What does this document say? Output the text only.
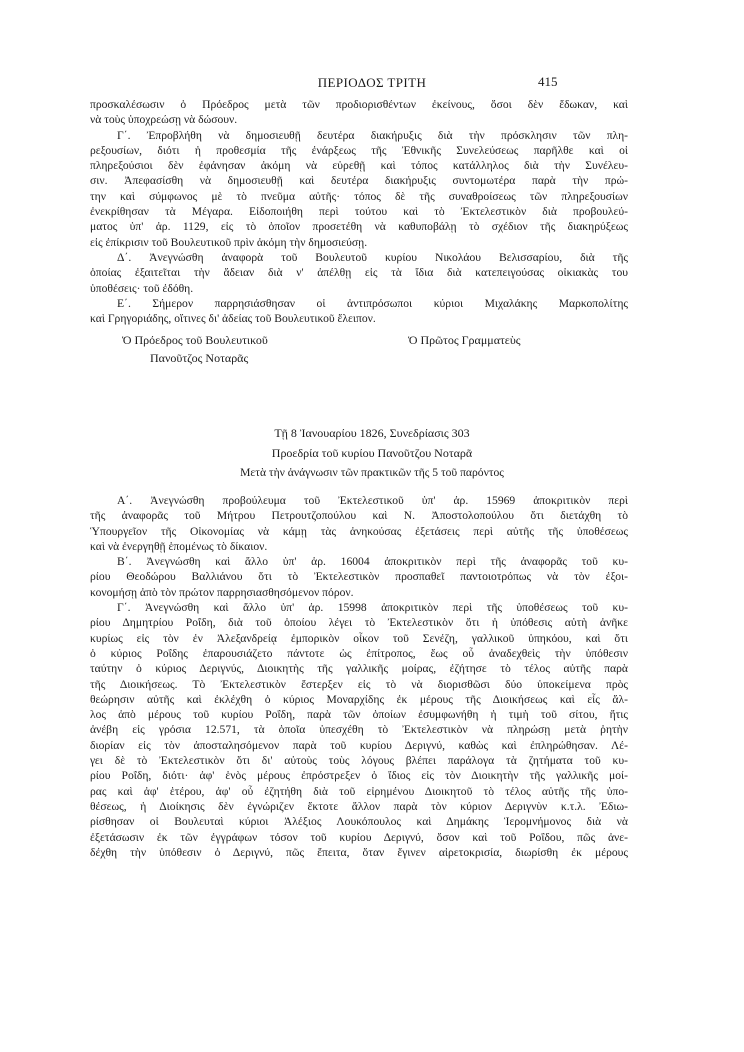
ΠΕΡΙΟΔΟΣ ΤΡΙΤΗ	415
προσκαλέσωσιν ὁ Πρόεδρος μετὰ τῶν προδιορισθέντων ἐκείνους, ὅσοι δὲν ἔδωκαν, καὶ
νὰ τοὺς ὑποχρεώσῃ νὰ δώσουν.
Γ΄. Ἐπροβλήθη νὰ δημοσιευθῇ δευτέρα διακήρυξις διὰ τὴν πρόσκλησιν τῶν πλη-
ρεξουσίων, διότι ἡ προθεσμία τῆς ἐνάρξεως τῆς Ἐθνικῆς Συνελεύσεως παρῆλθε καὶ οἱ
πληρεξούσιοι δὲν ἐφάνησαν ἀκόμη νὰ εὑρεθῇ καὶ τόπος κατάλληλος διὰ τὴν Συνέλευ-
σιν. Ἀπεφασίσθη νὰ δημοσιευθῇ καὶ δευτέρα διακήρυξις συντομωτέρα παρὰ τὴν πρώ-
την καὶ σύμφωνος μὲ τὸ πνεῦμα αὐτῆς· τόπος δὲ τῆς συναθροίσεως τῶν πληρεξουσίων
ἐνεκρίθησαν τὰ Μέγαρα. Εἰδοποιήθη περὶ τούτου καὶ τὸ Ἐκτελεστικὸν διὰ προβουλεύ-
ματος ὑπ' ἀρ. 1129, εἰς τὸ ὁποῖον προσετέθη νὰ καθυποβάλῃ τὸ σχέδιον τῆς διακηρύξεως
εἰς ἐπίκρισιν τοῦ Βουλευτικοῦ πρὶν ἀκόμη τὴν δημοσιεύσῃ.
Δ΄. Ἀνεγνώσθη ἀναφορὰ τοῦ Βουλευτοῦ κυρίου Νικολάου Βελισσαρίου, διὰ τῆς
ὁποίας ἐξαιτεῖται τὴν ἄδειαν διὰ ν' ἀπέλθῃ εἰς τὰ ἴδια διὰ κατεπειγούσας οἰκιακὰς του
ὑποθέσεις· τοῦ ἐδόθη.
Ε΄. Σήμερον παρρησιάσθησαν οἱ ἀντιπρόσωποι κύριοι Μιχαλάκης Μαρκοπολίτης
καὶ Γρηγοριάδης, οἵτινες δι' ἀδείας τοῦ Βουλευτικοῦ ἔλειπον.
Ὁ Πρόεδρος τοῦ Βουλευτικοῦ
Πανοῦτζος Νοταρᾶς
Ὁ Πρῶτος Γραμματεὺς
Τῇ 8 Ἰανουαρίου 1826, Συνεδρίασις 303
Προεδρία τοῦ κυρίου Πανοῦτζου Νοταρᾶ
Μετὰ τὴν ἀνάγνωσιν τῶν πρακτικῶν τῆς 5 τοῦ παρόντος
Α΄. Ἀνεγνώσθη προβούλευμα τοῦ Ἐκτελεστικοῦ ὑπ' ἀρ. 15969 ἀποκριτικὸν περὶ
τῆς ἀναφορᾶς τοῦ Μήτρου Πετρουτζοπούλου καὶ Ν. Ἀποστολοπούλου ὅτι διετάχθη τὸ
Ὑπουργεῖον τῆς Οἰκονομίας νὰ κάμῃ τὰς ἀνηκούσας ἐξετάσεις περὶ αὐτῆς τῆς ὑποθέσεως
καὶ νὰ ἐνεργηθῇ ἑπομένως τὸ δίκαιον.
Β΄. Ἀνεγνώσθη καὶ ἄλλο ὑπ' ἀρ. 16004 ἀποκριτικὸν περὶ τῆς ἀναφορᾶς τοῦ κυ-
ρίου Θεοδώρου Βαλλιάνου ὅτι τὸ Ἐκτελεστικὸν προσπαθεῖ παντοιοτρόπως νὰ τὸν ἐξοι-
κονομήσῃ ἀπὸ τὸν πρώτον παρρησιασθησόμενον πόρον.
Γ΄. Ἀνεγνώσθη καὶ ἄλλο ὑπ' ἀρ. 15998 ἀποκριτικὸν περὶ τῆς ὑποθέσεως τοῦ κυ-
ρίου Δημητρίου Ροΐδη, διὰ τοῦ ὁποίου λέγει τὸ Ἐκτελεστικὸν ὅτι ἡ ὑπόθεσις αὐτὴ ἀνῆκε
κυρίως εἰς τὸν ἐν Ἀλεξανδρείᾳ ἐμπορικὸν οἶκον τοῦ Σενέζη, γαλλικοῦ ὑπηκόου, καὶ ὅτι
ὁ κύριος Ροΐδης ἐπαρουσιάζετο πάντοτε ὡς ἐπίτροπος, ἕως οὗ ἀναδεχθεὶς τὴν ὑπόθεσιν
ταύτην ὁ κύριος Δεριγνύς, Διοικητὴς τῆς γαλλικῆς μοίρας, ἐζήτησε τὸ τέλος αὐτῆς παρὰ
τῆς Διοικήσεως. Τὸ Ἐκτελεστικὸν ἔστερξεν εἰς τὸ νὰ διορισθῶσι δύο ὑποκείμενα πρὸς
θεώρησιν αὐτῆς καὶ ἐκλέχθη ὁ κύριος Μοναρχίδης ἐκ μέρους τῆς Διοικήσεως καὶ εἷς ἄλ-
λος ἀπὸ μέρους τοῦ κυρίου Ροΐδη, παρὰ τῶν ὁποίων ἐσυμφωνήθη ἡ τιμὴ τοῦ σίτου, ἥτις
ἀνέβη εἰς γρόσια 12.571, τὰ ὁποῖα ὑπεσχέθη τὸ Ἐκτελεστικὸν νὰ πληρώσῃ μετὰ ῥητὴν
διορίαν εἰς τὸν ἀποσταλησόμενον παρὰ τοῦ κυρίου Δεριγνύ, καθὼς καὶ ἐπληρώθησαν. Λέ-
γει δὲ τὸ Ἐκτελεστικὸν ὅτι δι' αὐτοὺς τοὺς λόγους βλέπει παράλογα τὰ ζητήματα τοῦ κυ-
ρίου Ροΐδη, διότι· ἀφ' ἑνὸς μέρους ἐπρόστρεξεν ὁ ἴδιος εἰς τὸν Διοικητὴν τῆς γαλλικῆς μοί-
ρας καὶ ἀφ' ἑτέρου, ἀφ' οὗ ἐζητήθη διὰ τοῦ εἰρημένου Διοικητοῦ τὸ τέλος αὐτῆς τῆς ὑπο-
θέσεως, ἡ Διοίκησις δὲν ἐγνώριζεν ἔκτοτε ἄλλον παρὰ τὸν κύριον Δεριγνὺν κ.τ.λ. Ἐδιω-
ρίσθησαν οἱ Βουλευταὶ κύριοι Ἀλέξιος Λουκόπουλος καὶ Δημάκης Ἱερομνήμονος διὰ νὰ
ἐξετάσωσιν ἐκ τῶν ἐγγράφων τόσον τοῦ κυρίου Δεριγνύ, ὅσον καὶ τοῦ Ροΐδου, πῶς ἀνε-
δέχθη τὴν ὑπόθεσιν ὁ Δεριγνύ, πῶς ἔπειτα, ὅταν ἔγινεν αἱρετοκρισία, διωρίσθη ἐκ μέρους
